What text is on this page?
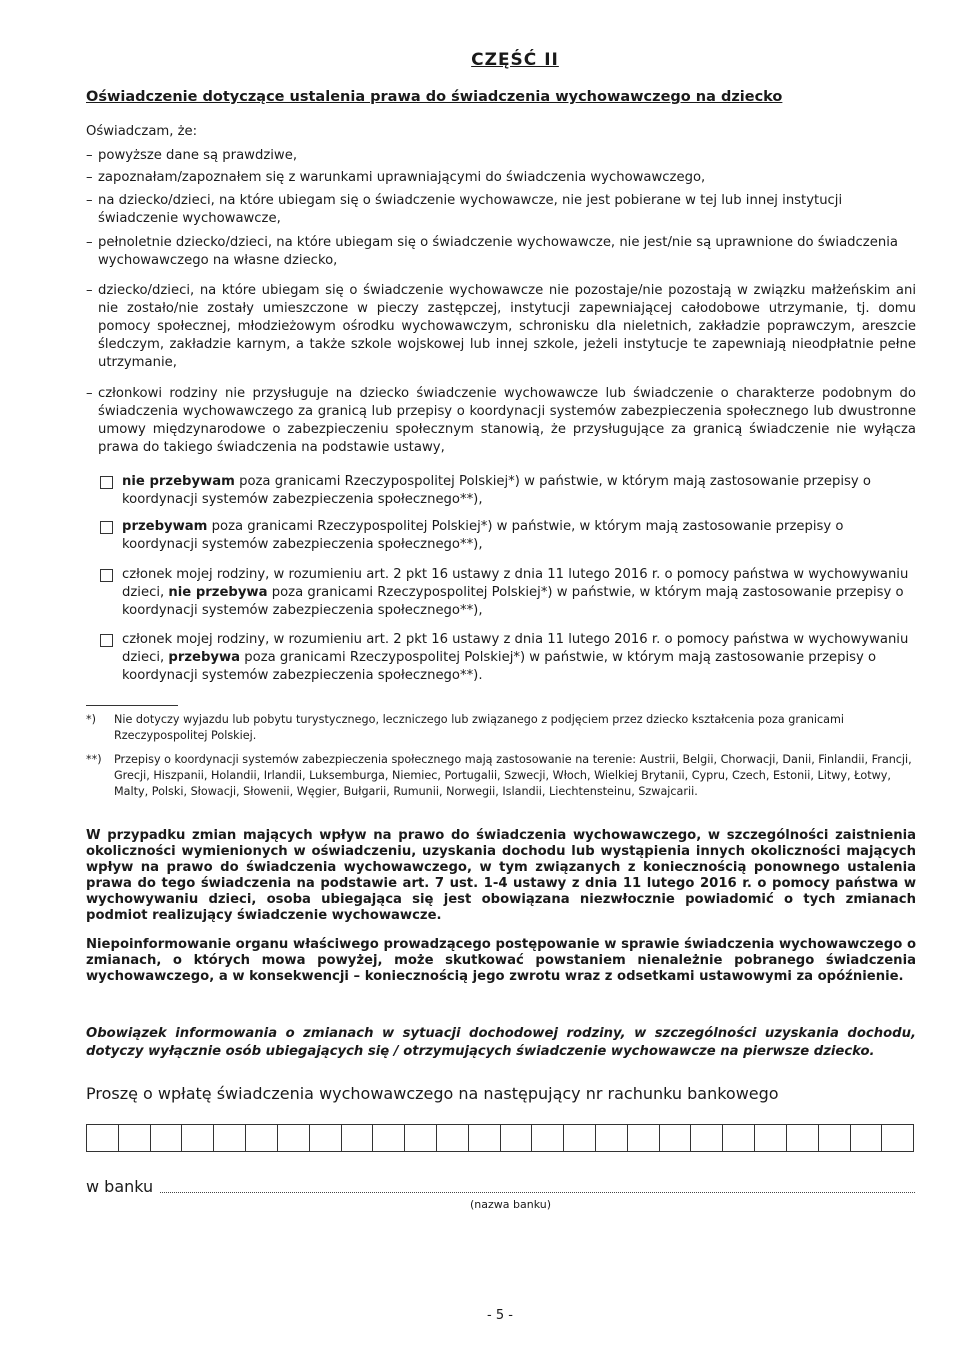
CZĘŚĆ II
Oświadczenie dotyczące ustalenia prawa do świadczenia wychowawczego na dziecko
Oświadczam, że:
– powyższe dane są prawdziwe,
– zapoznałam/zapoznałem się z warunkami uprawniającymi do świadczenia wychowawczego,
– na dziecko/dzieci, na które ubiegam się o świadczenie wychowawcze, nie jest pobierane w tej lub innej instytucji świadczenie wychowawcze,
– pełnoletnie dziecko/dzieci, na które ubiegam się o świadczenie wychowawcze, nie jest/nie są uprawnione do świadczenia wychowawczego na własne dziecko,
– dziecko/dzieci, na które ubiegam się o świadczenie wychowawcze nie pozostaje/nie pozostają w związku małżeńskim ani nie zostało/nie zostały umieszczone w pieczy zastępczej, instytucji zapewniającej całodobowe utrzymanie, tj. domu pomocy społecznej, młodzieżowym ośrodku wychowawczym, schronisku dla nieletnich, zakładzie poprawczym, areszcie śledczym, zakładzie karnym, a także szkole wojskowej lub innej szkole, jeżeli instytucje te zapewniają nieodpłatnie pełne utrzymanie,
– członkowi rodziny nie przysługuje na dziecko świadczenie wychowawcze lub świadczenie o charakterze podobnym do świadczenia wychowawczego za granicą lub przepisy o koordynacji systemów zabezpieczenia społecznego lub dwustronne umowy międzynarodowe o zabezpieczeniu społecznym stanowią, że przysługujące za granicą świadczenie nie wyłącza prawa do takiego świadczenia na podstawie ustawy,
nie przebywam poza granicami Rzeczypospolitej Polskiej*) w państwie, w którym mają zastosowanie przepisy o koordynacji systemów zabezpieczenia społecznego**),
przebywam poza granicami Rzeczypospolitej Polskiej*) w państwie, w którym mają zastosowanie przepisy o koordynacji systemów zabezpieczenia społecznego**),
członek mojej rodziny, w rozumieniu art. 2 pkt 16 ustawy z dnia 11 lutego 2016 r. o pomocy państwa w wychowywaniu dzieci, nie przebywa poza granicami Rzeczypospolitej Polskiej*) w państwie, w którym mają zastosowanie przepisy o koordynacji systemów zabezpieczenia społecznego**),
członek mojej rodziny, w rozumieniu art. 2 pkt 16 ustawy z dnia 11 lutego 2016 r. o pomocy państwa w wychowywaniu dzieci, przebywa poza granicami Rzeczypospolitej Polskiej*) w państwie, w którym mają zastosowanie przepisy o koordynacji systemów zabezpieczenia społecznego**).
*) Nie dotyczy wyjazdu lub pobytu turystycznego, leczniczego lub związanego z podjęciem przez dziecko kształcenia poza granicami Rzeczypospolitej Polskiej.
**) Przepisy o koordynacji systemów zabezpieczenia społecznego mają zastosowanie na terenie: Austrii, Belgii, Chorwacji, Danii, Finlandii, Francji, Grecji, Hiszpanii, Holandii, Irlandii, Luksemburga, Niemiec, Portugalii, Szwecji, Włoch, Wielkiej Brytanii, Cypru, Czech, Estonii, Litwy, Łotwy, Malty, Polski, Słowacji, Słowenii, Węgier, Bułgarii, Rumunii, Norwegii, Islandii, Liechtensteinu, Szwajcarii.
W przypadku zmian mających wpływ na prawo do świadczenia wychowawczego, w szczególności zaistnienia okoliczności wymienionych w oświadczeniu, uzyskania dochodu lub wystąpienia innych okoliczności mających wpływ na prawo do świadczenia wychowawczego, w tym związanych z koniecznością ponownego ustalenia prawa do tego świadczenia na podstawie art. 7 ust. 1-4 ustawy z dnia 11 lutego 2016 r. o pomocy państwa w wychowywaniu dzieci, osoba ubiegająca się jest obowiązana niezwłocznie powiadomić o tych zmianach podmiot realizujący świadczenie wychowawcze.
Niepoinformowanie organu właściwego prowadzącego postępowanie w sprawie świadczenia wychowawczego o zmianach, o których mowa powyżej, może skutkować powstaniem nienależnie pobranego świadczenia wychowawczego, a w konsekwencji – koniecznością jego zwrotu wraz z odsetkami ustawowymi za opóźnienie.
Obowiązek informowania o zmianach w sytuacji dochodowej rodziny, w szczególności uzyskania dochodu, dotyczy wyłącznie osób ubiegających się / otrzymujących świadczenie wychowawcze na pierwsze dziecko.
Proszę o wpłatę świadczenia wychowawczego na następujący nr rachunku bankowego
w banku
(nazwa banku)
- 5 -
